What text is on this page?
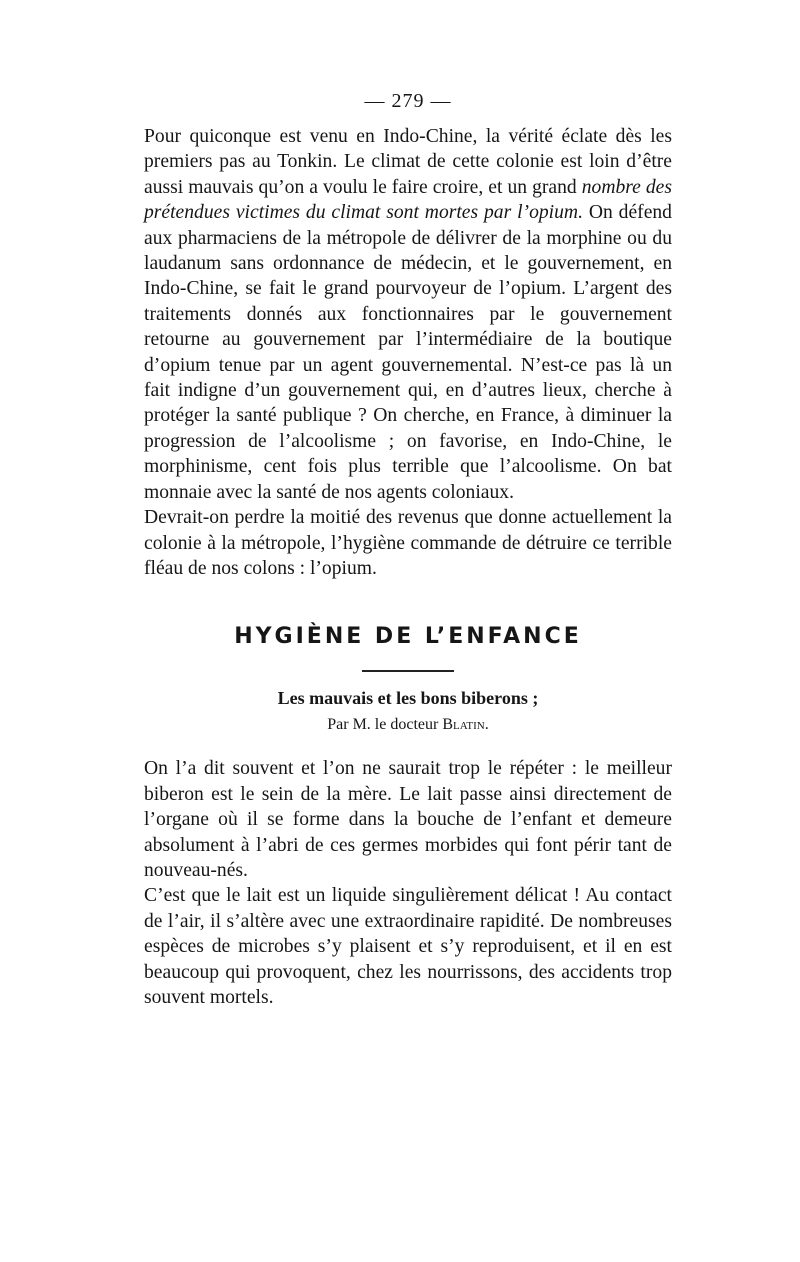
— 279 —

Pour quiconque est venu en Indo-Chine, la vérité éclate dès les premiers pas au Tonkin. Le climat de cette colonie est loin d’être aussi mauvais qu’on a voulu le faire croire, et un grand nombre des prétendues victimes du climat sont mortes par l’opium. On défend aux pharmaciens de la métropole de délivrer de la morphine ou du laudanum sans ordonnance de médecin, et le gouvernement, en Indo-Chine, se fait le grand pourvoyeur de l’opium. L’argent des traitements donnés aux fonctionnaires par le gouvernement retourne au gouvernement par l’intermédiaire de la boutique d’opium tenue par un agent gouvernemental. N’est-ce pas là un fait indigne d’un gouvernement qui, en d’autres lieux, cherche à protéger la santé publique ? On cherche, en France, à diminuer la progression de l’alcoolisme ; on favorise, en Indo-Chine, le morphinisme, cent fois plus terrible que l’alcoolisme. On bat monnaie avec la santé de nos agents coloniaux.

Devrait-on perdre la moitié des revenus que donne actuellement la colonie à la métropole, l’hygiène commande de détruire ce terrible fléau de nos colons : l’opium.

HYGIÈNE DE L’ENFANCE
Les mauvais et les bons biberons ;
Par M. le docteur Blatin.

On l’a dit souvent et l’on ne saurait trop le répéter : le meilleur biberon est le sein de la mère. Le lait passe ainsi directement de l’organe où il se forme dans la bouche de l’enfant et demeure absolument à l’abri de ces germes morbides qui font périr tant de nouveau-nés.

C’est que le lait est un liquide singulièrement délicat ! Au contact de l’air, il s’altère avec une extraordinaire rapidité. De nombreuses espèces de microbes s’y plaisent et s’y reproduisent, et il en est beaucoup qui provoquent, chez les nourrissons, des accidents trop souvent mortels.
